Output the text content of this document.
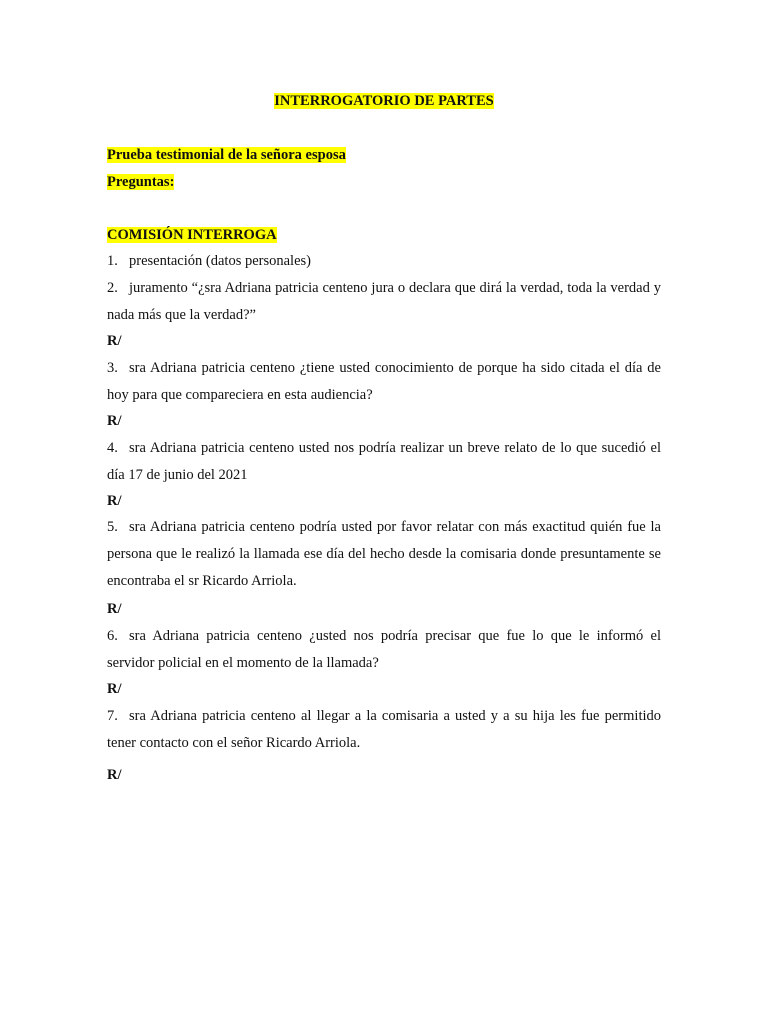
INTERROGATORIO DE PARTES
Prueba testimonial de la señora esposa
Preguntas:
COMISIÓN INTERROGA
1. presentación (datos personales)
2. juramento “¿sra Adriana patricia centeno jura o declara que dirá la verdad, toda la verdad y nada más que la verdad?”
R/
3. sra Adriana patricia centeno ¿tiene usted conocimiento de porque ha sido citada el día de hoy para que compareciera en esta audiencia?
R/
4. sra Adriana patricia centeno usted nos podría realizar un breve relato de lo que sucedió el día 17 de junio del 2021
R/
5. sra Adriana patricia centeno podría usted por favor relatar con más exactitud quién fue la persona que le realizó la llamada ese día del hecho desde la comisaria donde presuntamente se encontraba el sr Ricardo Arriola.
R/
6. sra Adriana patricia centeno ¿usted nos podría precisar que fue lo que le informó el servidor policial en el momento de la llamada?
R/
7. sra Adriana patricia centeno al llegar a la comisaria a usted y a su hija les fue permitido tener contacto con el señor Ricardo Arriola.
R/
